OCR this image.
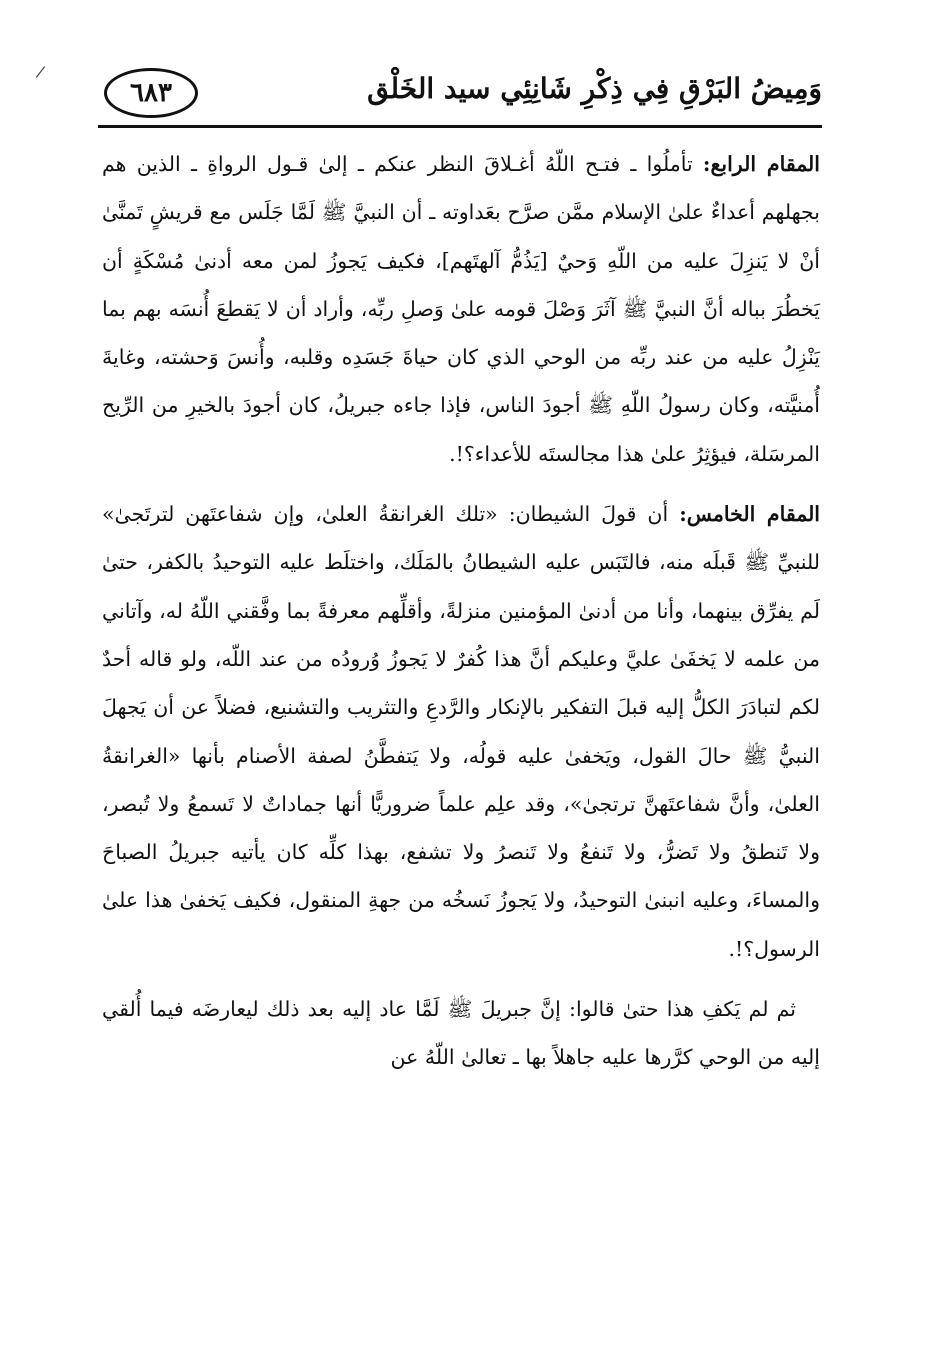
/
٦٨٣	وَمِيضُ البَرْقِ فِي ذِكْرِ شَانِئِي سيد الخَلْق

المقام الرابع: تأملُوا ـ فتـح اللّهُ أغـلاقَ النظر عنكم ـ إلىٰ قـول الرواةِ ـ الذين هم بجهلهم أعداءٌ علىٰ الإسلام ممَّن صرَّح بعَداوته ـ أن النبيَّ ﷺ لَمَّا جَلَس مع قريشٍ تَمنَّىٰ أنْ لا يَنزِلَ عليه من اللّهِ وَحيٌ [يَذُمُّ آلهتَهم]، فكيف يَجوزُ لمن معه أدنىٰ مُسْكَةٍ أن يَخطُرَ بباله أنَّ النبيَّ ﷺ آثَرَ وَصْلَ قومه علىٰ وَصلِ ربِّه، وأراد أن لا يَقطعَ أُنسَه بهم بما يَنْزِلُ عليه من عند ربِّه من الوحي الذي كان حياةَ جَسَدِه وقلبه، وأُنسَ وَحشته، وغايةَ أُمنيَّته، وكان رسولُ اللّهِ ﷺ أجودَ الناس، فإذا جاءه جبريلُ، كان أجودَ بالخيرِ من الرِّيح المرسَلة، فيؤثِرُ علىٰ هذا مجالستَه للأعداء؟!.

المقام الخامس: أن قولَ الشيطان: «تلك الغرانقةُ العلىٰ، وإن شفاعتَهن لترتَجىٰ» للنبيِّ ﷺ قَبلَه منه، فالتَبَس عليه الشيطانُ بالمَلَك، واختلَط عليه التوحيدُ بالكفر، حتىٰ لَم يفرِّق بينهما، وأنا من أدنىٰ المؤمنين منزلةً، وأقلِّهم معرفةً بما وفَّقني اللّهُ له، وآتاني من علمه لا يَخفَىٰ عليَّ وعليكم أنَّ هذا كُفرٌ لا يَجوزُ وُرودُه من عند اللّه، ولو قاله أحدٌ لكم لتبادَرَ الكلُّ إليه قبلَ التفكير بالإنكار والرَّدعِ والتثريب والتشنيع، فضلاً عن أن يَجهلَ النبيُّ ﷺ حالَ القول، ويَخفىٰ عليه قولُه، ولا يَتفطَّنُ لصفة الأصنام بأنها «الغرانقةُ العلىٰ، وأنَّ شفاعتَهنَّ ترتجىٰ»، وقد علِم علماً ضروريًّا أنها جماداتٌ لا تَسمعُ ولا تُبصر، ولا تَنطقُ ولا تَضرُّ، ولا تَنفعُ ولا تَنصرُ ولا تشفع، بهذا كلِّه كان يأتيه جبريلُ الصباحَ والمساءَ، وعليه انبنىٰ التوحيدُ، ولا يَجوزُ نَسخُه من جهةِ المنقول، فكيف يَخفىٰ هذا علىٰ الرسول؟!.

ثم لم يَكفِ هذا حتىٰ قالوا: إنَّ جبريلَ ﷺ لَمَّا عاد إليه بعد ذلك ليعارضَه فيما أُلقي إليه من الوحي كرَّرها عليه جاهلاً بها ـ تعالىٰ اللّهُ عن
